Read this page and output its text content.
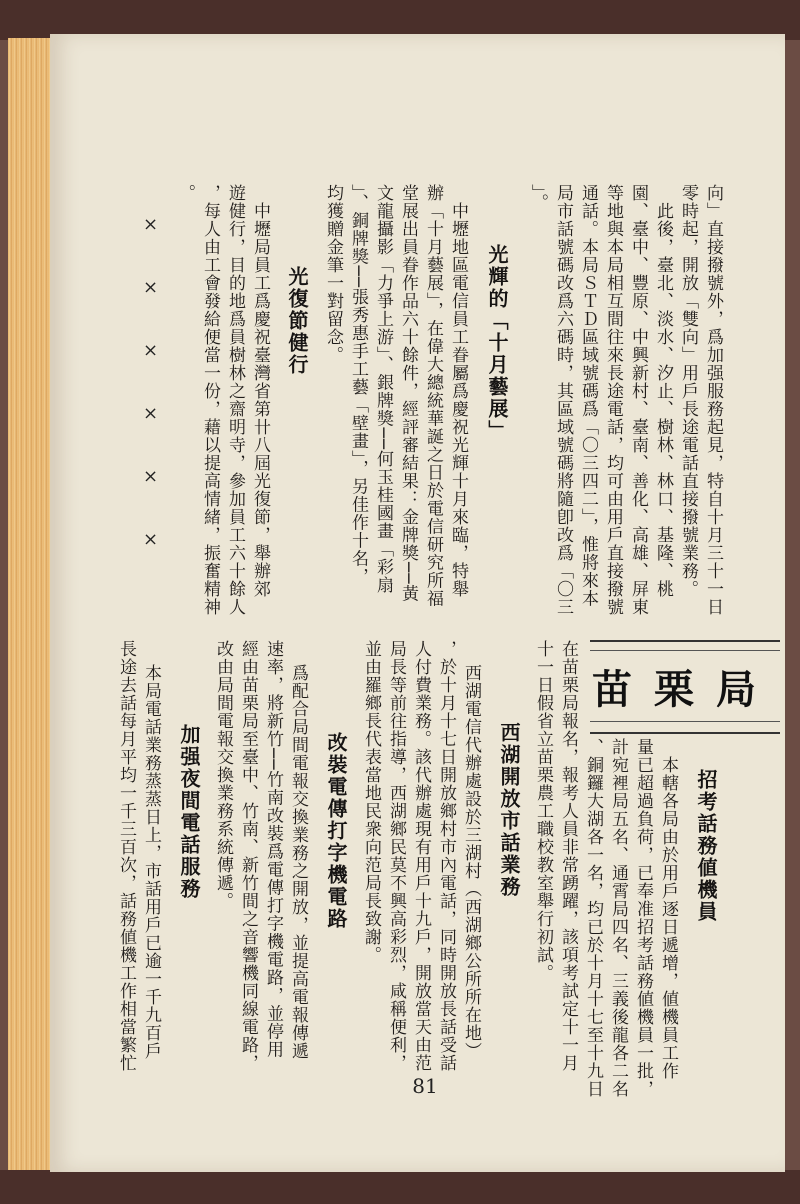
向」直接撥號外，爲加强服務起見，特自十月三十一日
零時起，開放「雙向」用戶長途電話直接撥號業務。
此後，臺北、淡水、汐止、樹林、林口、基隆、桃
園、臺中、豐原、中興新村、臺南、善化、高雄、屏東
等地與本局相互間往來長途電話，均可由用戶直接撥號
通話。本局ＳＴＤ區域號碼爲「〇三四二」，惟將來本
局市話號碼改爲六碼時，其區域號碼將隨卽改爲「〇三
」。
光輝的「十月藝展」
中壢地區電信員工眷屬爲慶祝光輝十月來臨，特舉
辦「十月藝展」，在偉大總統華誕之日於電信研究所福
堂展出員眷作品六十餘件，經評審結果：金牌獎──黃
文龍攝影「力爭上游」、銀牌獎──何玉桂國畫「彩扇
」、銅牌獎──張秀惠手工藝「壁畫」，另佳作十名，
均獲贈金筆一對留念。
光復節健行
中壢局員工爲慶祝臺灣省第卄八屆光復節，舉辦郊
遊健行，目的地爲員樹林之齋明寺，參加員工六十餘人
，每人由工會發給便當一份，藉以提高情緒，振奮精神
。
××××××
苗栗局
招考話務値機員
本轄各局由於用戶逐日遞增，値機員工作
量已超過負荷，已奉准招考話務値機員一批，
計宛裡局五名、通霄局四名、三義後龍各二名
、銅鑼大湖各一名，均已於十月十七至十九日
在苗栗局報名，報考人員非常踴躍，該項考試定十一月
十一日假省立苗栗農工職校教室舉行初試。
西湖開放市話業務
西湖電信代辦處設於三湖村（西湖鄉公所所在地）
，於十月十七日開放鄉村市內電話，同時開放長話受話
人付費業務。該代辦處現有用戶十九戶，開放當天由范
局長等前往指導，西湖鄉民莫不興高彩烈，咸稱便利，
並由羅鄉長代表當地民衆向范局長致謝。
改裝電傳打字機電路
爲配合局間電報交換業務之開放，並提高電報傳遞
速率，將新竹──竹南改裝爲電傳打字機電路，並停用
經由苗栗局至臺中、竹南、新竹間之音響機同線電路，
改由局間電報交換業務系統傳遞。
加强夜間電話服務
本局電話業務蒸蒸日上，市話用戶已逾一千九百戶
長途去話每月平均一千三百次，話務値機工作相當繁忙
81
